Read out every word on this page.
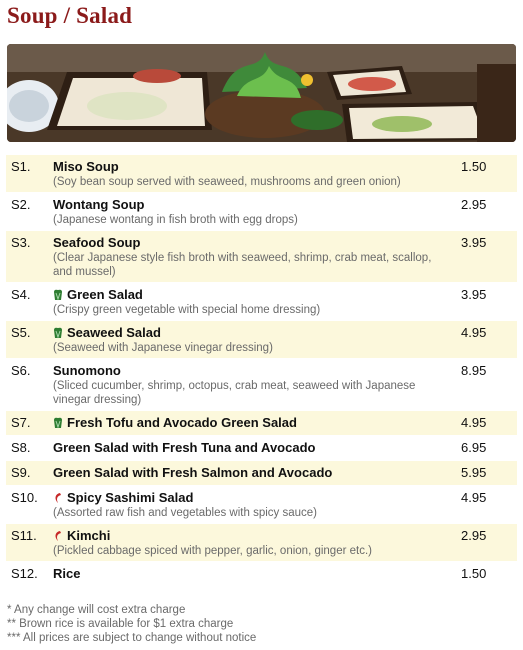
Soup / Salad
S1.	Miso Soup
(Soy bean soup served with seaweed, mushrooms and green onion)
1.50
S2.	Wontang Soup
(Japanese wontang in fish broth with egg drops)
2.95
S3.	Seafood Soup
(Clear Japanese style fish broth with seaweed, shrimp, crab meat, scallop, and mussel)
3.95
S4.	Green Salad
(Crispy green vegetable with special home dressing)
3.95
S5.	Seaweed Salad
(Seaweed with Japanese vinegar dressing)
4.95
S6.	Sunomono
(Sliced cucumber, shrimp, octopus, crab meat, seaweed with Japanese vinegar dressing)
8.95
S7.	Fresh Tofu and Avocado Green Salad	4.95
S8.	Green Salad with Fresh Tuna and Avocado	6.95
S9.	Green Salad with Fresh Salmon and Avocado	5.95
S10.	Spicy Sashimi Salad
(Assorted raw fish and vegetables with spicy sauce)
4.95
S11.	Kimchi
(Pickled cabbage spiced with pepper, garlic, onion, ginger etc.)
2.95
S12.	Rice	1.50
* Any change will cost extra charge
** Brown rice is available for $1 extra charge
*** All prices are subject to change without notice
